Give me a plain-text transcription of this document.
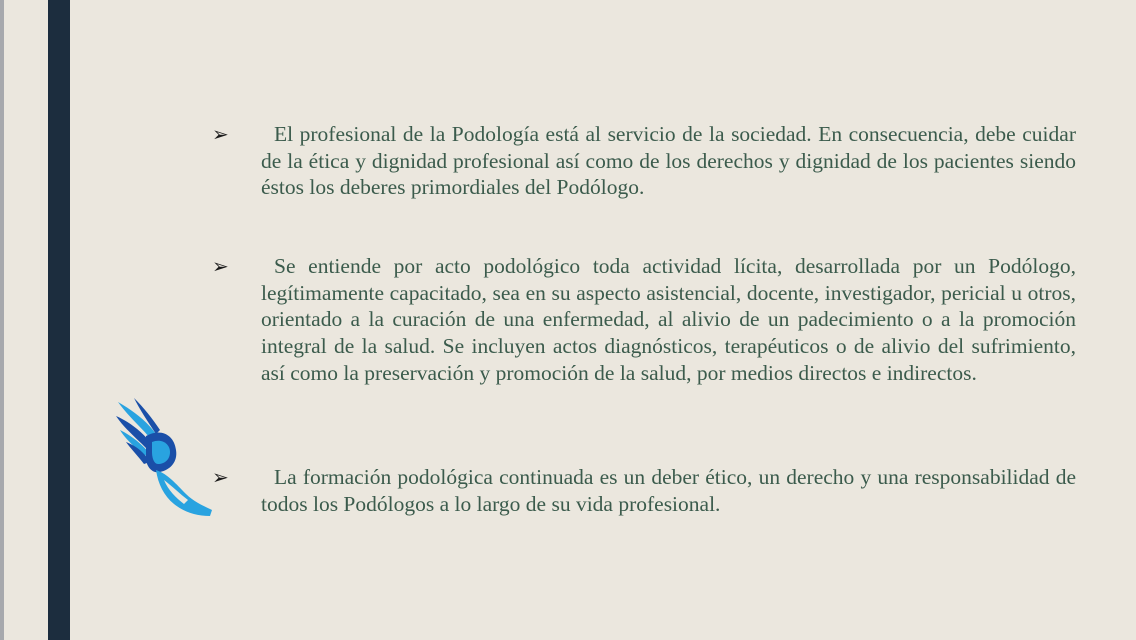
➢	El profesional de la Podología está al servicio de la sociedad. En consecuencia, debe cuidar de la ética y dignidad profesional así como de los derechos y dignidad de los pacientes siendo éstos los deberes primordiales del Podólogo.
➢	Se entiende por acto podológico toda actividad lícita, desarrollada por un Podólogo, legítimamente capacitado, sea en su aspecto asistencial, docente, investigador, pericial u otros, orientado a la curación de una enfermedad, al alivio de un padecimiento o a la promoción integral de la salud. Se incluyen actos diagnósticos, terapéuticos o de alivio del sufrimiento, así como la preservación y promoción de la salud, por medios directos e indirectos.
➢	La formación podológica continuada es un deber ético, un derecho y una responsabilidad de todos los Podólogos a lo largo de su vida profesional.
